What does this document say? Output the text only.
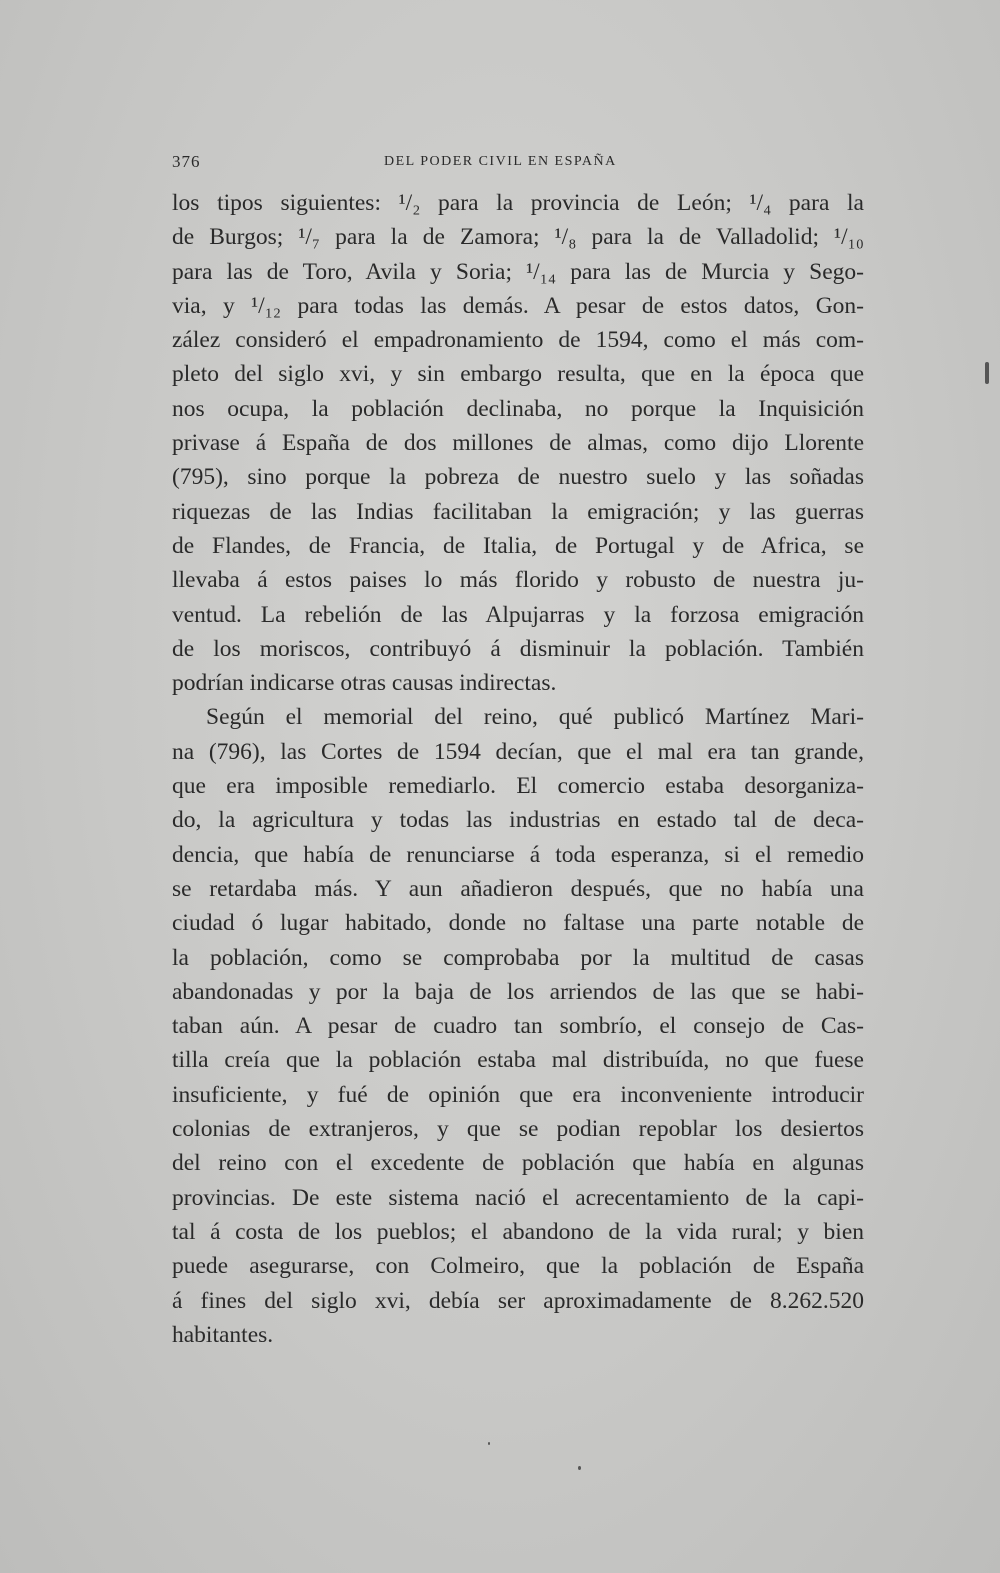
376	DEL PODER CIVIL EN ESPAÑA
los tipos siguientes: ¹/₂ para la provincia de León; ¹/₄ para la
de Burgos; ¹/₇ para la de Zamora; ¹/₈ para la de Valladolid; ¹/₁₀
para las de Toro, Avila y Soria; ¹/₁₄ para las de Murcia y Sego-
via, y ¹/₁₂ para todas las demás. A pesar de estos datos, Gon-
zález consideró el empadronamiento de 1594, como el más com-
pleto del siglo xvi, y sin embargo resulta, que en la época que
nos ocupa, la población declinaba, no porque la Inquisición
privase á España de dos millones de almas, como dijo Llorente
(795), sino porque la pobreza de nuestro suelo y las soñadas
riquezas de las Indias facilitaban la emigración; y las guerras
de Flandes, de Francia, de Italia, de Portugal y de Africa, se
llevaba á estos paises lo más florido y robusto de nuestra ju-
ventud. La rebelión de las Alpujarras y la forzosa emigración
de los moriscos, contribuyó á disminuir la población. También
podrían indicarse otras causas indirectas.
Según el memorial del reino, qué publicó Martínez Mari-
na (796), las Cortes de 1594 decían, que el mal era tan grande,
que era imposible remediarlo. El comercio estaba desorganiza-
do, la agricultura y todas las industrias en estado tal de deca-
dencia, que había de renunciarse á toda esperanza, si el remedio
se retardaba más. Y aun añadieron después, que no había una
ciudad ó lugar habitado, donde no faltase una parte notable de
la población, como se comprobaba por la multitud de casas
abandonadas y por la baja de los arriendos de las que se habi-
taban aún. A pesar de cuadro tan sombrío, el consejo de Cas-
tilla creía que la población estaba mal distribuída, no que fuese
insuficiente, y fué de opinión que era inconveniente introducir
colonias de extranjeros, y que se podian repoblar los desiertos
del reino con el excedente de población que había en algunas
provincias. De este sistema nació el acrecentamiento de la capi-
tal á costa de los pueblos; el abandono de la vida rural; y bien
puede asegurarse, con Colmeiro, que la población de España
á fines del siglo xvi, debía ser aproximadamente de 8.262.520
habitantes.
